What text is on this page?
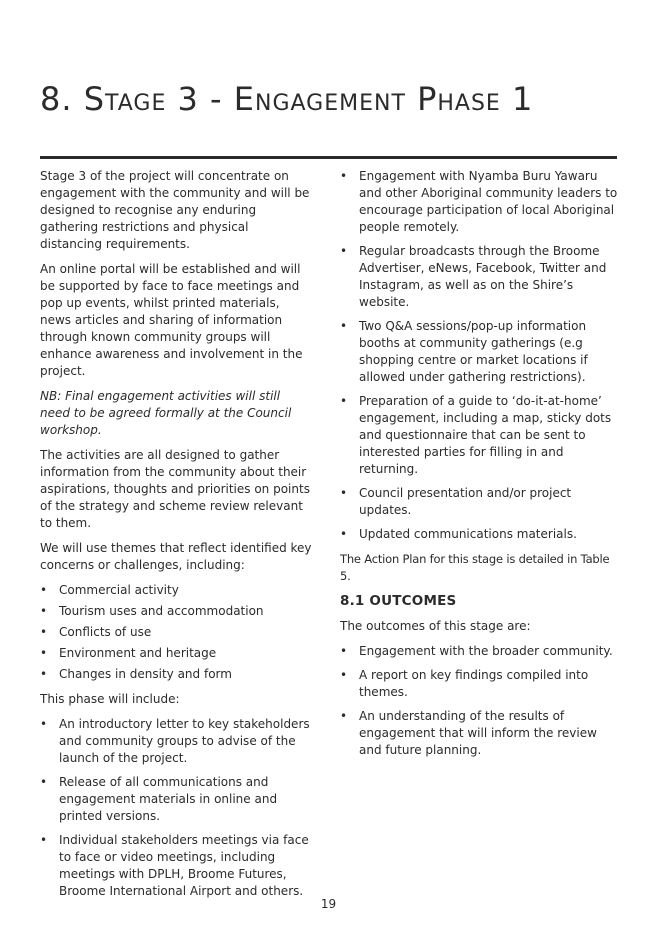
8. Stage 3 - Engagement Phase 1

Stage 3 of the project will concentrate on engagement with the community and will be designed to recognise any enduring gathering restrictions and physical distancing requirements.

An online portal will be established and will be supported by face to face meetings and pop up events, whilst printed materials, news articles and sharing of information through known community groups will enhance awareness and involvement in the project.

NB: Final engagement activities will still need to be agreed formally at the Council workshop.

The activities are all designed to gather information from the community about their aspirations, thoughts and priorities on points of the strategy and scheme review relevant to them.

We will use themes that reflect identified key concerns or challenges, including:

• Commercial activity
• Tourism uses and accommodation
• Conflicts of use
• Environment and heritage
• Changes in density and form

This phase will include:

• An introductory letter to key stakeholders and community groups to advise of the launch of the project.
• Release of all communications and engagement materials in online and printed versions.
• Individual stakeholders meetings via face to face or video meetings, including meetings with DPLH, Broome Futures, Broome International Airport and others.
• Engagement with Nyamba Buru Yawaru and other Aboriginal community leaders to encourage participation of local Aboriginal people remotely.
• Regular broadcasts through the Broome Advertiser, eNews, Facebook, Twitter and Instagram, as well as on the Shire’s website.
• Two Q&A sessions/pop-up information booths at community gatherings (e.g shopping centre or market locations if allowed under gathering restrictions).
• Preparation of a guide to ‘do-it-at-home’ engagement, including a map, sticky dots and questionnaire that can be sent to interested parties for filling in and returning.
• Council presentation and/or project updates.
• Updated communications materials.

The Action Plan for this stage is detailed in Table 5.

8.1 OUTCOMES

The outcomes of this stage are:

• Engagement with the broader community.
• A report on key findings compiled into themes.
• An understanding of the results of engagement that will inform the review and future planning.
19
